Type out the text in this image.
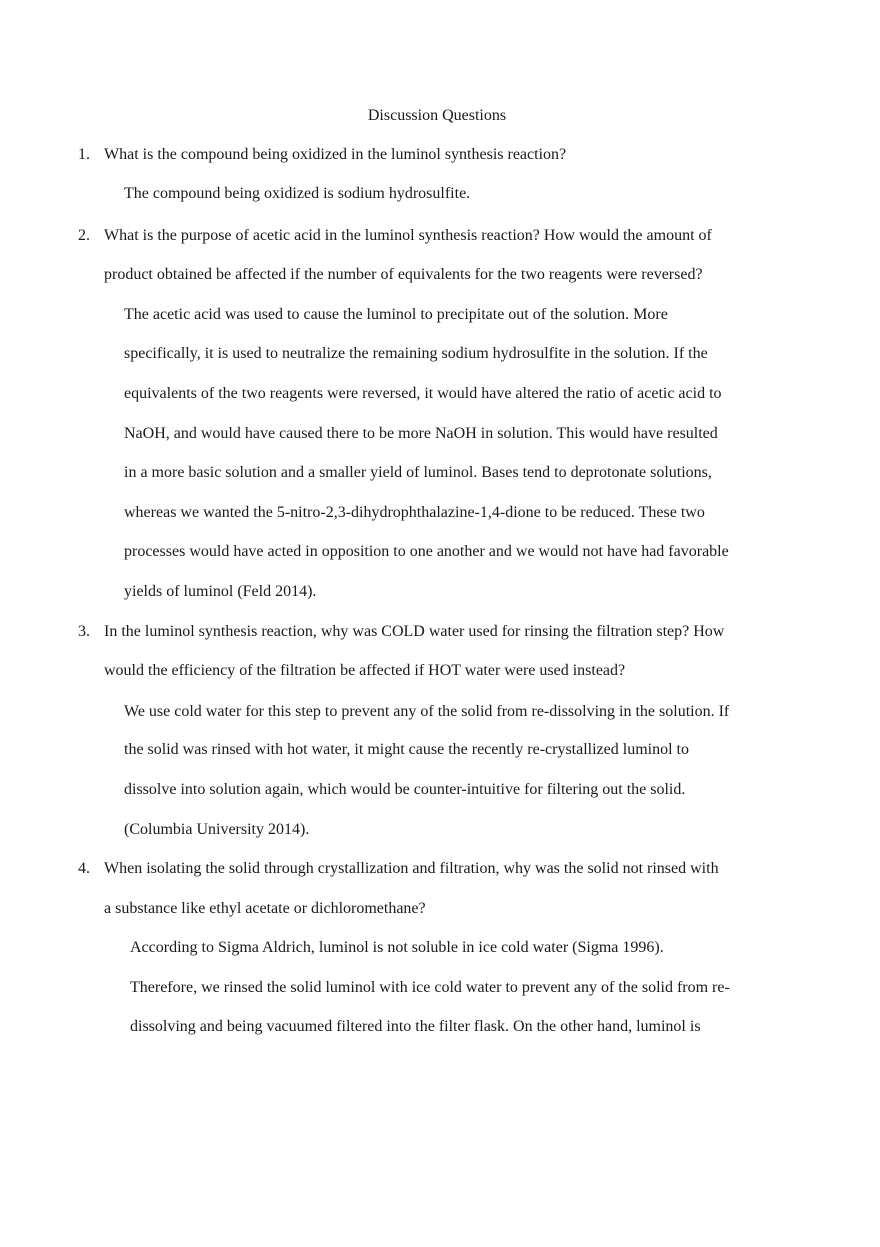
Discussion Questions
1. What is the compound being oxidized in the luminol synthesis reaction?
The compound being oxidized is sodium hydrosulfite.
2. What is the purpose of acetic acid in the luminol synthesis reaction? How would the amount of
product obtained be affected if the number of equivalents for the two reagents were reversed?
The acetic acid was used to cause the luminol to precipitate out of the solution. More
specifically, it is used to neutralize the remaining sodium hydrosulfite in the solution. If the
equivalents of the two reagents were reversed, it would have altered the ratio of acetic acid to
NaOH, and would have caused there to be more NaOH in solution. This would have resulted
in a more basic solution and a smaller yield of luminol. Bases tend to deprotonate solutions,
whereas we wanted the 5-nitro-2,3-dihydrophthalazine-1,4-dione to be reduced. These two
processes would have acted in opposition to one another and we would not have had favorable
yields of luminol (Feld 2014).
3. In the luminol synthesis reaction, why was COLD water used for rinsing the filtration step? How
would the efficiency of the filtration be affected if HOT water were used instead?
We use cold water for this step to prevent any of the solid from re-dissolving in the solution. If
the solid was rinsed with hot water, it might cause the recently re-crystallized luminol to
dissolve into solution again, which would be counter-intuitive for filtering out the solid.
(Columbia University 2014).
4. When isolating the solid through crystallization and filtration, why was the solid not rinsed with
a substance like ethyl acetate or dichloromethane?
According to Sigma Aldrich, luminol is not soluble in ice cold water (Sigma 1996).
Therefore, we rinsed the solid luminol with ice cold water to prevent any of the solid from re-
dissolving and being vacuumed filtered into the filter flask. On the other hand, luminol is
